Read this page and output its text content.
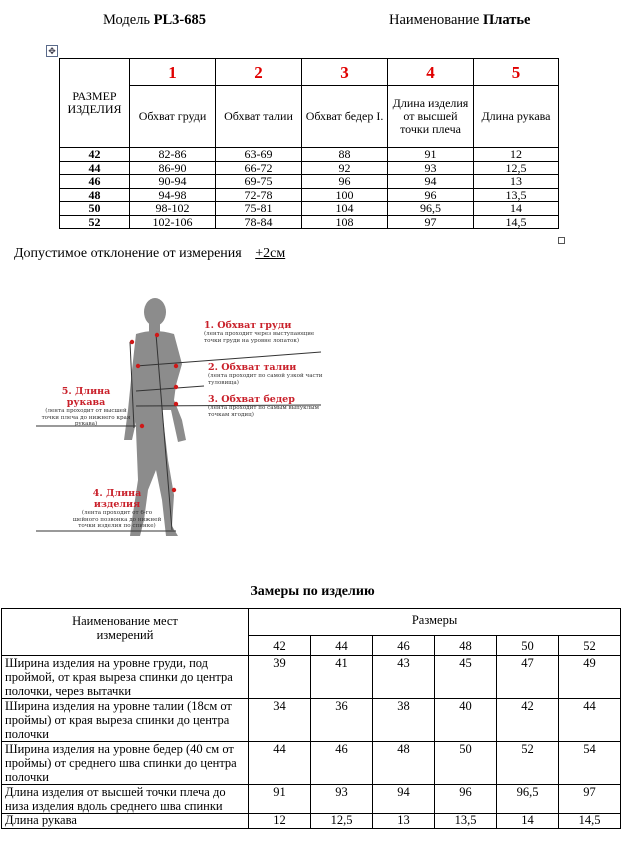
Модель PL3-685	Наименование Платье
✥
РАЗМЕР ИЗДЕЛИЯ	1	2	3	4	5
	Обхват груди	Обхват талии	Обхват бедер I.	Длина изделия от высшей точки плеча	Длина рукава
42	82-86	63-69	88	91	12
44	86-90	66-72	92	93	12,5
46	90-94	69-75	96	94	13
48	94-98	72-78	100	96	13,5
50	98-102	75-81	104	96,5	14
52	102-106	78-84	108	97	14,5
Допустимое отклонение от измерения +2см
1. Обхват груди
(лента проходит через выступающие точки груди на уровне лопаток)
2. Обхват талии
(лента проходит по самой узкой части туловища)
3. Обхват бедер
(лента проходит по самым выпуклым точкам ягодиц)
5. Длина рукава
(лента проходит от высшей точки плеча до нижнего края рукава)
4. Длина изделия
(лента проходит от 6-го шейного позвонка до нижней точки изделия по спинке)
Замеры по изделию
Наименование мест измерений	Размеры					
	42	44	46	48	50	52
Ширина изделия на уровне груди, под проймой, от края выреза спинки до центра полочки, через вытачки	39	41	43	45	47	49
Ширина изделия на уровне талии (18см от проймы) от края выреза спинки до центра полочки	34	36	38	40	42	44
Ширина изделия на уровне бедер (40 см от проймы) от среднего шва спинки до центра полочки	44	46	48	50	52	54
Длина изделия от высшей точки плеча до низа изделия вдоль среднего шва спинки	91	93	94	96	96,5	97
Длина рукава	12	12,5	13	13,5	14	14,5
